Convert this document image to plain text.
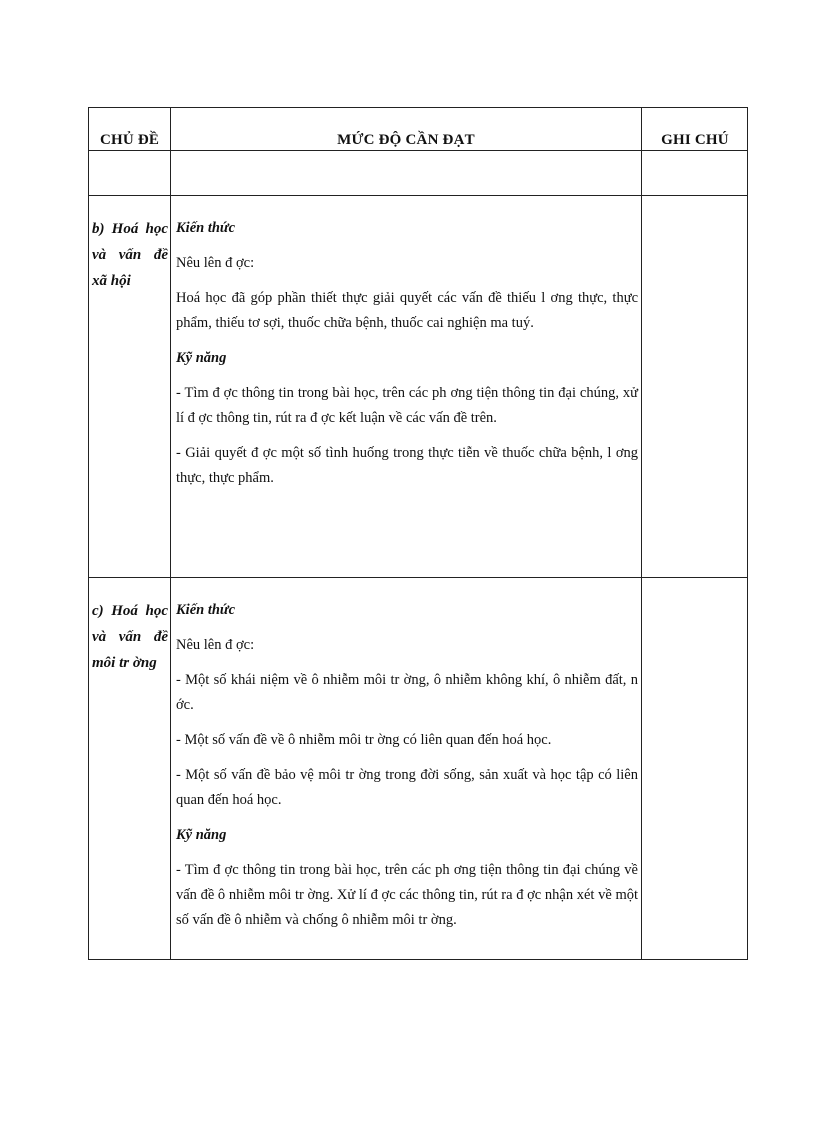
CHỦ ĐỀ	MỨC ĐỘ CẦN ĐẠT	GHI CHÚ
b) Hoá học và vấn đề xã hội

Kiến thức

Nêu lên đ ợc:

Hoá học đã góp phần thiết thực giải quyết các vấn đề thiếu l ơng thực, thực phẩm, thiếu tơ sợi, thuốc chữa bệnh, thuốc cai nghiện ma tuý.

Kỹ năng

- Tìm đ ợc thông tin trong bài học, trên các ph ơng tiện thông tin đại chúng, xử lí đ ợc thông tin, rút ra đ ợc kết luận về các vấn đề trên.

- Giải quyết đ ợc một số tình huống trong thực tiễn về thuốc chữa bệnh, l ơng thực, thực phẩm.

c) Hoá học và vấn đề môi tr ờng

Kiến thức

Nêu lên đ ợc:

- Một số khái niệm về ô nhiễm môi tr ờng, ô nhiễm không khí, ô nhiễm đất, n ớc.

- Một số vấn đề về ô nhiễm môi tr ờng có liên quan đến hoá học.

- Một số vấn đề bảo vệ môi tr ờng trong đời sống, sản xuất và học tập có liên quan đến hoá học.

Kỹ năng

- Tìm đ ợc thông tin trong bài học, trên các ph ơng tiện thông tin đại chúng về vấn đề ô nhiễm môi tr ờng. Xử lí đ ợc các thông tin, rút ra đ ợc nhận xét về một số vấn đề ô nhiễm và chống ô nhiễm môi tr ờng.
